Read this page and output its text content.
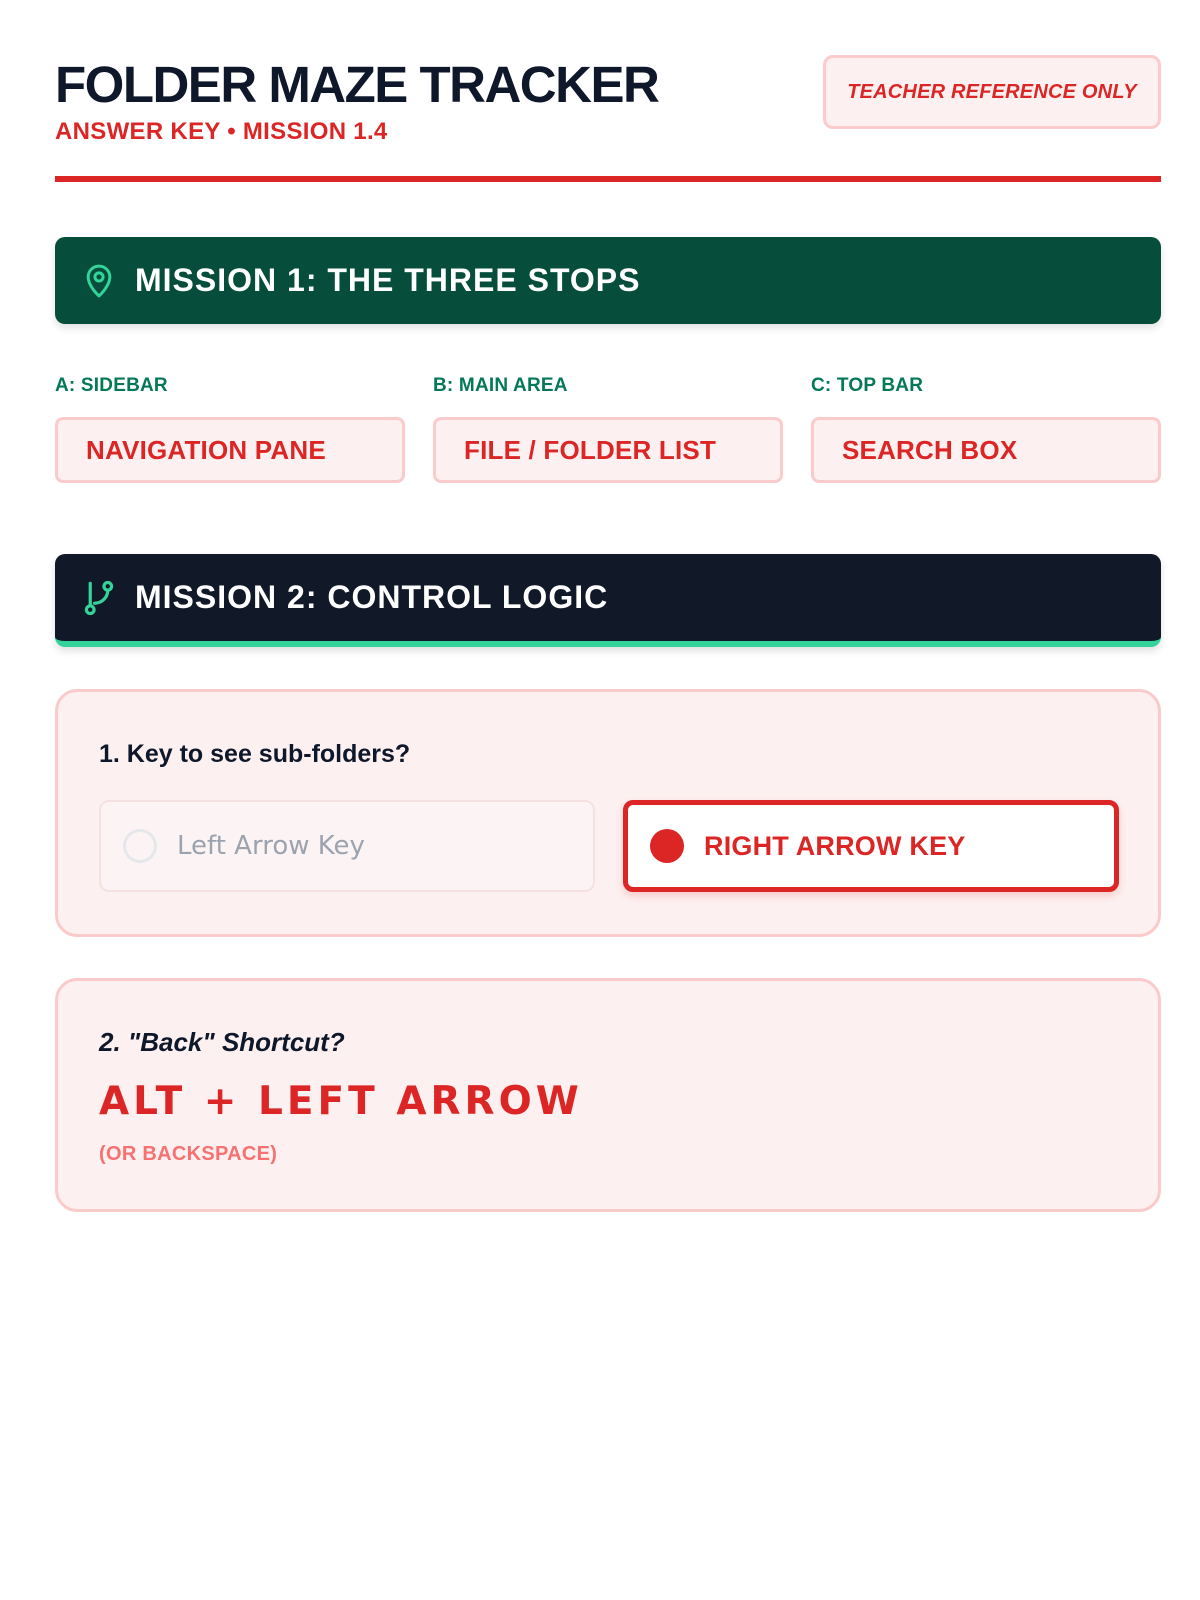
FOLDER MAZE TRACKER
ANSWER KEY • MISSION 1.4
TEACHER REFERENCE ONLY
MISSION 1: THE THREE STOPS
A: SIDEBAR
NAVIGATION PANE
B: MAIN AREA
FILE / FOLDER LIST
C: TOP BAR
SEARCH BOX
MISSION 2: CONTROL LOGIC
1. Key to see sub-folders?
Left Arrow Key	RIGHT ARROW KEY
2. "Back" Shortcut?
ALT + LEFT ARROW
(OR BACKSPACE)
